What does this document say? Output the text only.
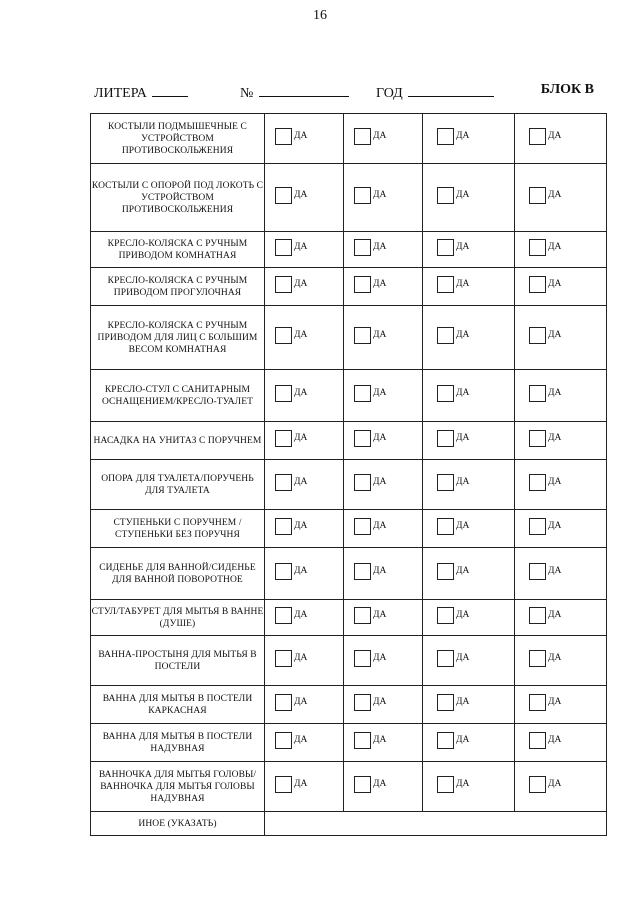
16
ЛИТЕРА	№	ГОД	БЛОК В
КОСТЫЛИ ПОДМЫШЕЧНЫЕ С УСТРОЙСТВОМ ПРОТИВОСКОЛЬЖЕНИЯ	ДА	ДА	ДА	ДА

КОСТЫЛИ С ОПОРОЙ ПОД ЛОКОТЬ С УСТРОЙСТВОМ ПРОТИВОСКОЛЬЖЕНИЯ	ДА	ДА	ДА	ДА

КРЕСЛО-КОЛЯСКА С РУЧНЫМ ПРИВОДОМ КОМНАТНАЯ	ДА	ДА	ДА	ДА

КРЕСЛО-КОЛЯСКА С РУЧНЫМ ПРИВОДОМ ПРОГУЛОЧНАЯ	ДА	ДА	ДА	ДА

КРЕСЛО-КОЛЯСКА С РУЧНЫМ ПРИВОДОМ ДЛЯ ЛИЦ С БОЛЬШИМ ВЕСОМ КОМНАТНАЯ	ДА	ДА	ДА	ДА

КРЕСЛО-СТУЛ С САНИТАРНЫМ ОСНАЩЕНИЕМ/КРЕСЛО-ТУАЛЕТ	ДА	ДА	ДА	ДА

НАСАДКА НА УНИТАЗ С ПОРУЧНЕМ	ДА	ДА	ДА	ДА

ОПОРА ДЛЯ ТУАЛЕТА/ПОРУЧЕНЬ ДЛЯ ТУАЛЕТА	ДА	ДА	ДА	ДА

СТУПЕНЬКИ С ПОРУЧНЕМ /СТУПЕНЬКИ БЕЗ ПОРУЧНЯ	ДА	ДА	ДА	ДА

СИДЕНЬЕ ДЛЯ ВАННОЙ/СИДЕНЬЕ ДЛЯ ВАННОЙ ПОВОРОТНОЕ	ДА	ДА	ДА	ДА

СТУЛ/ТАБУРЕТ ДЛЯ МЫТЬЯ В ВАННЕ (ДУШЕ)	ДА	ДА	ДА	ДА

ВАННА-ПРОСТЫНЯ ДЛЯ МЫТЬЯ В ПОСТЕЛИ	ДА	ДА	ДА	ДА

ВАННА ДЛЯ МЫТЬЯ В ПОСТЕЛИ КАРКАСНАЯ	ДА	ДА	ДА	ДА

ВАННА ДЛЯ МЫТЬЯ В ПОСТЕЛИ НАДУВНАЯ	ДА	ДА	ДА	ДА

ВАННОЧКА ДЛЯ МЫТЬЯ ГОЛОВЫ/ ВАННОЧКА ДЛЯ МЫТЬЯ ГОЛОВЫ НАДУВНАЯ	ДА	ДА	ДА	ДА

ИНОЕ (УКАЗАТЬ)				
